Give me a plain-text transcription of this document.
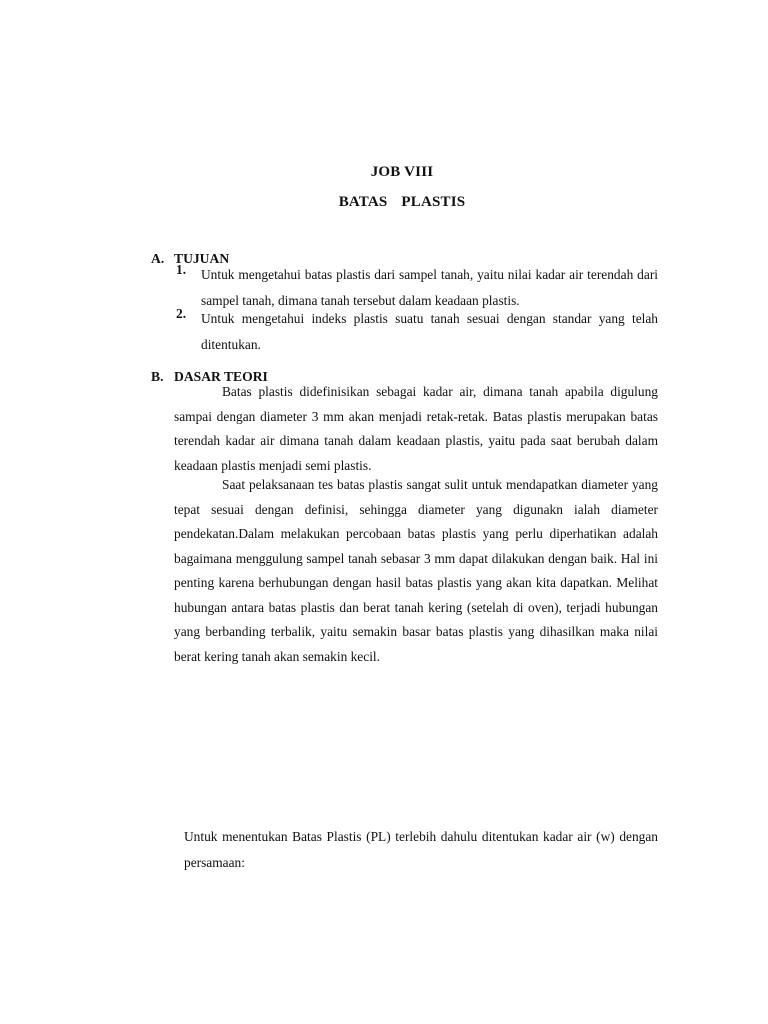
JOB VIII
BATAS  PLASTIS
A. TUJUAN
1. Untuk mengetahui batas plastis dari sampel tanah, yaitu nilai kadar air terendah dari sampel tanah, dimana tanah tersebut dalam keadaan plastis.
2. Untuk mengetahui indeks plastis suatu tanah sesuai dengan standar yang telah ditentukan.
B. DASAR TEORI

Batas plastis didefinisikan sebagai kadar air, dimana tanah apabila digulung sampai dengan diameter 3 mm akan menjadi retak-retak. Batas plastis merupakan batas terendah kadar air dimana tanah dalam keadaan plastis, yaitu pada saat berubah dalam keadaan plastis menjadi semi plastis.

Saat pelaksanaan tes batas plastis sangat sulit untuk mendapatkan diameter yang tepat sesuai dengan definisi, sehingga diameter yang digunakn ialah diameter pendekatan.Dalam melakukan percobaan batas plastis yang perlu diperhatikan adalah bagaimana menggulung sampel tanah sebasar 3 mm dapat dilakukan dengan baik. Hal ini penting karena berhubungan dengan hasil batas plastis yang akan kita dapatkan. Melihat hubungan antara batas plastis dan berat tanah kering (setelah di oven), terjadi hubungan yang berbanding terbalik, yaitu semakin basar batas plastis yang dihasilkan maka nilai berat kering tanah akan semakin kecil.

Untuk menentukan Batas Plastis (PL) terlebih dahulu ditentukan kadar air (w) dengan persamaan:
